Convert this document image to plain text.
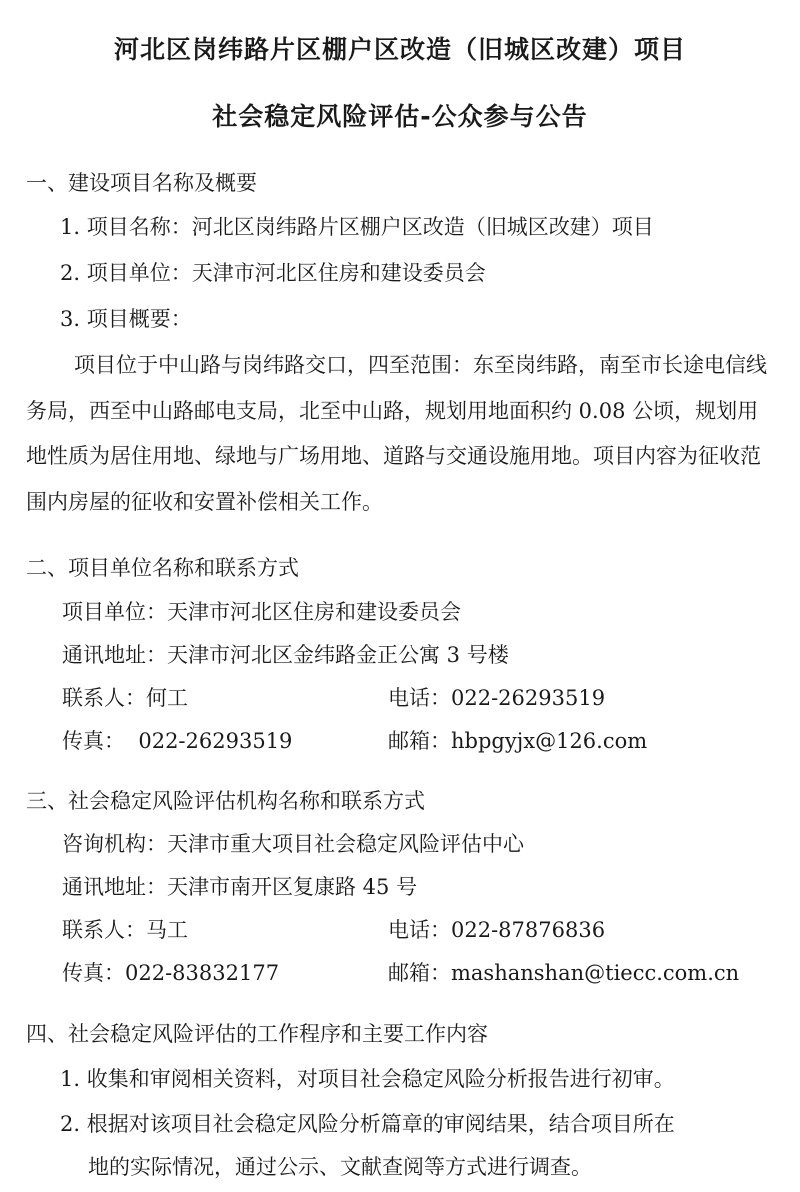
河北区岗纬路片区棚户区改造（旧城区改建）项目
社会稳定风险评估-公众参与公告

一、建设项目名称及概要

1. 项目名称：河北区岗纬路片区棚户区改造（旧城区改建）项目

2. 项目单位：天津市河北区住房和建设委员会

3. 项目概要：

项目位于中山路与岗纬路交口，四至范围：东至岗纬路，南至市长途电信线务局，西至中山路邮电支局，北至中山路，规划用地面积约 0.08 公顷，规划用地性质为居住用地、绿地与广场用地、道路与交通设施用地。项目内容为征收范围内房屋的征收和安置补偿相关工作。

二、项目单位名称和联系方式

项目单位：天津市河北区住房和建设委员会

通讯地址：天津市河北区金纬路金正公寓 3 号楼

联系人：何工	电话：022-26293519

传真：  022-26293519	邮箱：hbpgyjx@126.com

三、社会稳定风险评估机构名称和联系方式

咨询机构：天津市重大项目社会稳定风险评估中心

通讯地址：天津市南开区复康路 45 号

联系人：马工	电话：022-87876836

传真：022-83832177	邮箱：mashanshan@tiecc.com.cn

四、社会稳定风险评估的工作程序和主要工作内容

1. 收集和审阅相关资料，对项目社会稳定风险分析报告进行初审。

2. 根据对该项目社会稳定风险分析篇章的审阅结果，结合项目所在

地的实际情况，通过公示、文献查阅等方式进行调查。
